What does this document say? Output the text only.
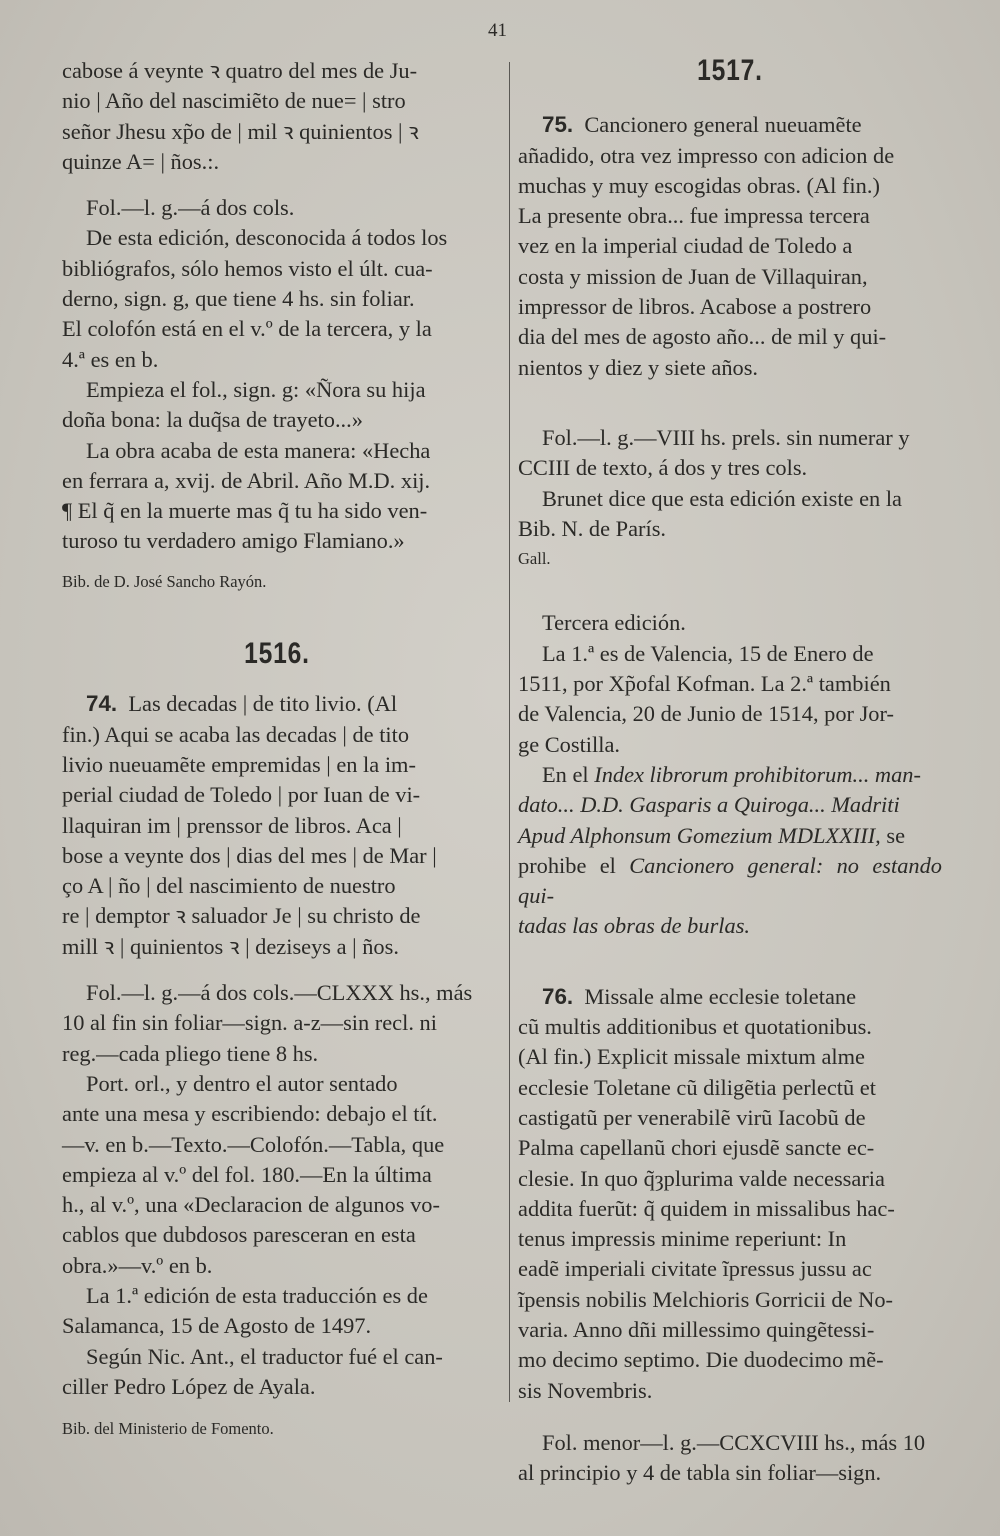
41

cabose á veynte ꝛ quatro del mes de Ju-

nio | Año del nascimiẽto de nue= | stro

señor Jhesu xp̃o de | mil ꝛ quinientos | ꝛ

quinze A= | ños.:.

Fol.—l. g.—á dos cols.

De esta edición, desconocida á todos los

bibliógrafos, sólo hemos visto el últ. cua-

derno, sign. g, que tiene 4 hs. sin foliar.

El colofón está en el v.º de la tercera, y la

4.ª es en b.

Empieza el fol., sign. g: «Ñora su hija

doña bona: la duq̃sa de trayeto...»

La obra acaba de esta manera: «Hecha

en ferrara a, xvij. de Abril. Año M.D. xij.

¶ El q̃ en la muerte mas q̃ tu ha sido ven-

turoso tu verdadero amigo Flamiano.»

Bib. de D. José Sancho Rayón.

1516.

74. Las decadas | de tito livio. (Al

fin.) Aqui se acaba las decadas | de tito

livio nueuamẽte empremidas | en la im-

perial ciudad de Toledo | por Iuan de vi-

llaquiran im | prenssor de libros. Aca |

bose a veynte dos | dias del mes | de Mar |

ço A | ño | del nascimiento de nuestro

re | demptor ꝛ saluador Je | su christo de

mill ꝛ | quinientos ꝛ | deziseys a | ños.

Fol.—l. g.—á dos cols.—CLXXX hs., más

10 al fin sin foliar—sign. a-z—sin recl. ni

reg.—cada pliego tiene 8 hs.

Port. orl., y dentro el autor sentado

ante una mesa y escribiendo: debajo el tít.

—v. en b.—Texto.—Colofón.—Tabla, que

empieza al v.º del fol. 180.—En la última

h., al v.º, una «Declaracion de algunos vo-

cablos que dubdosos paresceran en esta

obra.»—v.º en b.

La 1.ª edición de esta traducción es de

Salamanca, 15 de Agosto de 1497.

Según Nic. Ant., el traductor fué el can-

ciller Pedro López de Ayala.

Bib. del Ministerio de Fomento.

1517.

75. Cancionero general nueuamẽte

añadido, otra vez impresso con adicion de

muchas y muy escogidas obras. (Al fin.)

La presente obra... fue impressa tercera

vez en la imperial ciudad de Toledo a

costa y mission de Juan de Villaquiran,

impressor de libros. Acabose a postrero

dia del mes de agosto año... de mil y qui-

nientos y diez y siete años.

Fol.—l. g.—VIII hs. prels. sin numerar y

CCIII de texto, á dos y tres cols.

Brunet dice que esta edición existe en la

Bib. N. de París.

Gall.

Tercera edición.

La 1.ª es de Valencia, 15 de Enero de

1511, por Xp̃ofal Kofman. La 2.ª también

de Valencia, 20 de Junio de 1514, por Jor-

ge Costilla.

En el Index librorum prohibitorum... man-

dato... D.D. Gasparis a Quiroga... Madriti

Apud Alphonsum Gomezium MDLXXIII, se

prohibe el Cancionero general: no estando qui-

tadas las obras de burlas.

76. Missale alme ecclesie toletane

cũ multis additionibus et quotationibus.

(Al fin.) Explicit missale mixtum alme

ecclesie Toletane cũ diligẽtia perlectũ et

castigatũ per venerabilẽ virũ Iacobũ de

Palma capellanũ chori ejusdẽ sancte ec-

clesie. In quo q̃ȝplurima valde necessaria

addita fuerũt: q̃ quidem in missalibus hac-

tenus impressis minime reperiunt: In

eadẽ imperiali civitate ĩpressus jussu ac

ĩpensis nobilis Melchioris Gorricii de No-

varia. Anno dñi millessimo quingẽtessi-

mo decimo septimo. Die duodecimo mẽ-

sis Novembris.

Fol. menor—l. g.—CCXCVIII hs., más 10

al principio y 4 de tabla sin foliar—sign.
